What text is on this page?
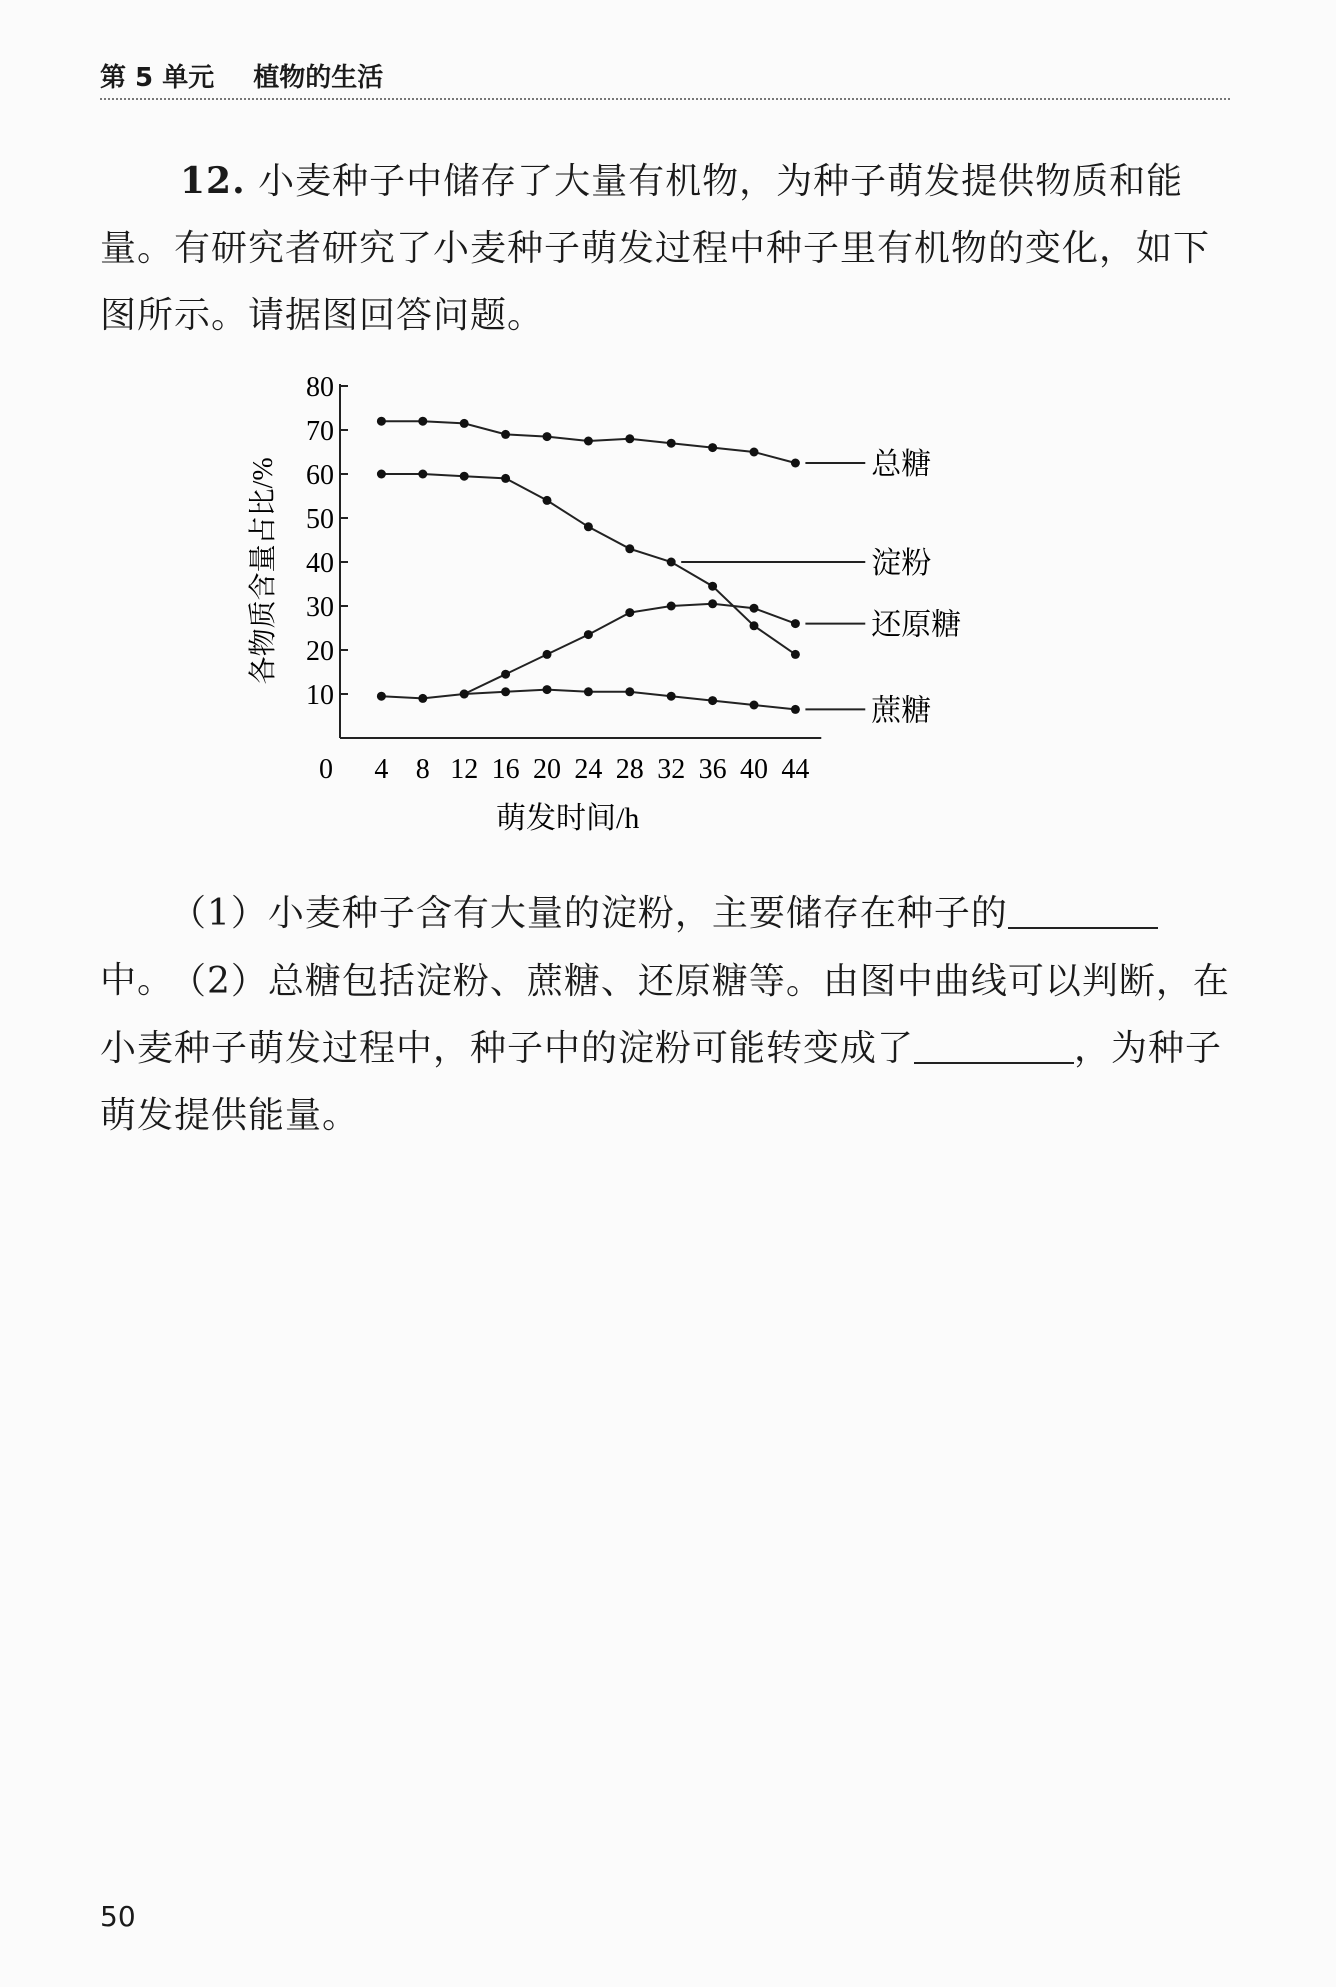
第 5 单元 植物的生活
12. 小麦种子中储存了大量有机物，为种子萌发提供物质和能量。有研究者研究了小麦种子萌发过程中种子里有机物的变化，如下图所示。请据图回答问题。
10
20
30
40
50
60
70
80
4 8 12 16 20 24 28 32 36 40 44
0
萌发时间/h
各物质含量占比/%	总糖
淀粉
还原糖
蔗糖
（1）小麦种子含有大量的淀粉，主要储存在种子的中。
（2）总糖包括淀粉、蔗糖、还原糖等。由图中曲线可以判断，在小麦种子萌发过程中，种子中的淀粉可能转变成了	，为种子萌发提供能量。
50
